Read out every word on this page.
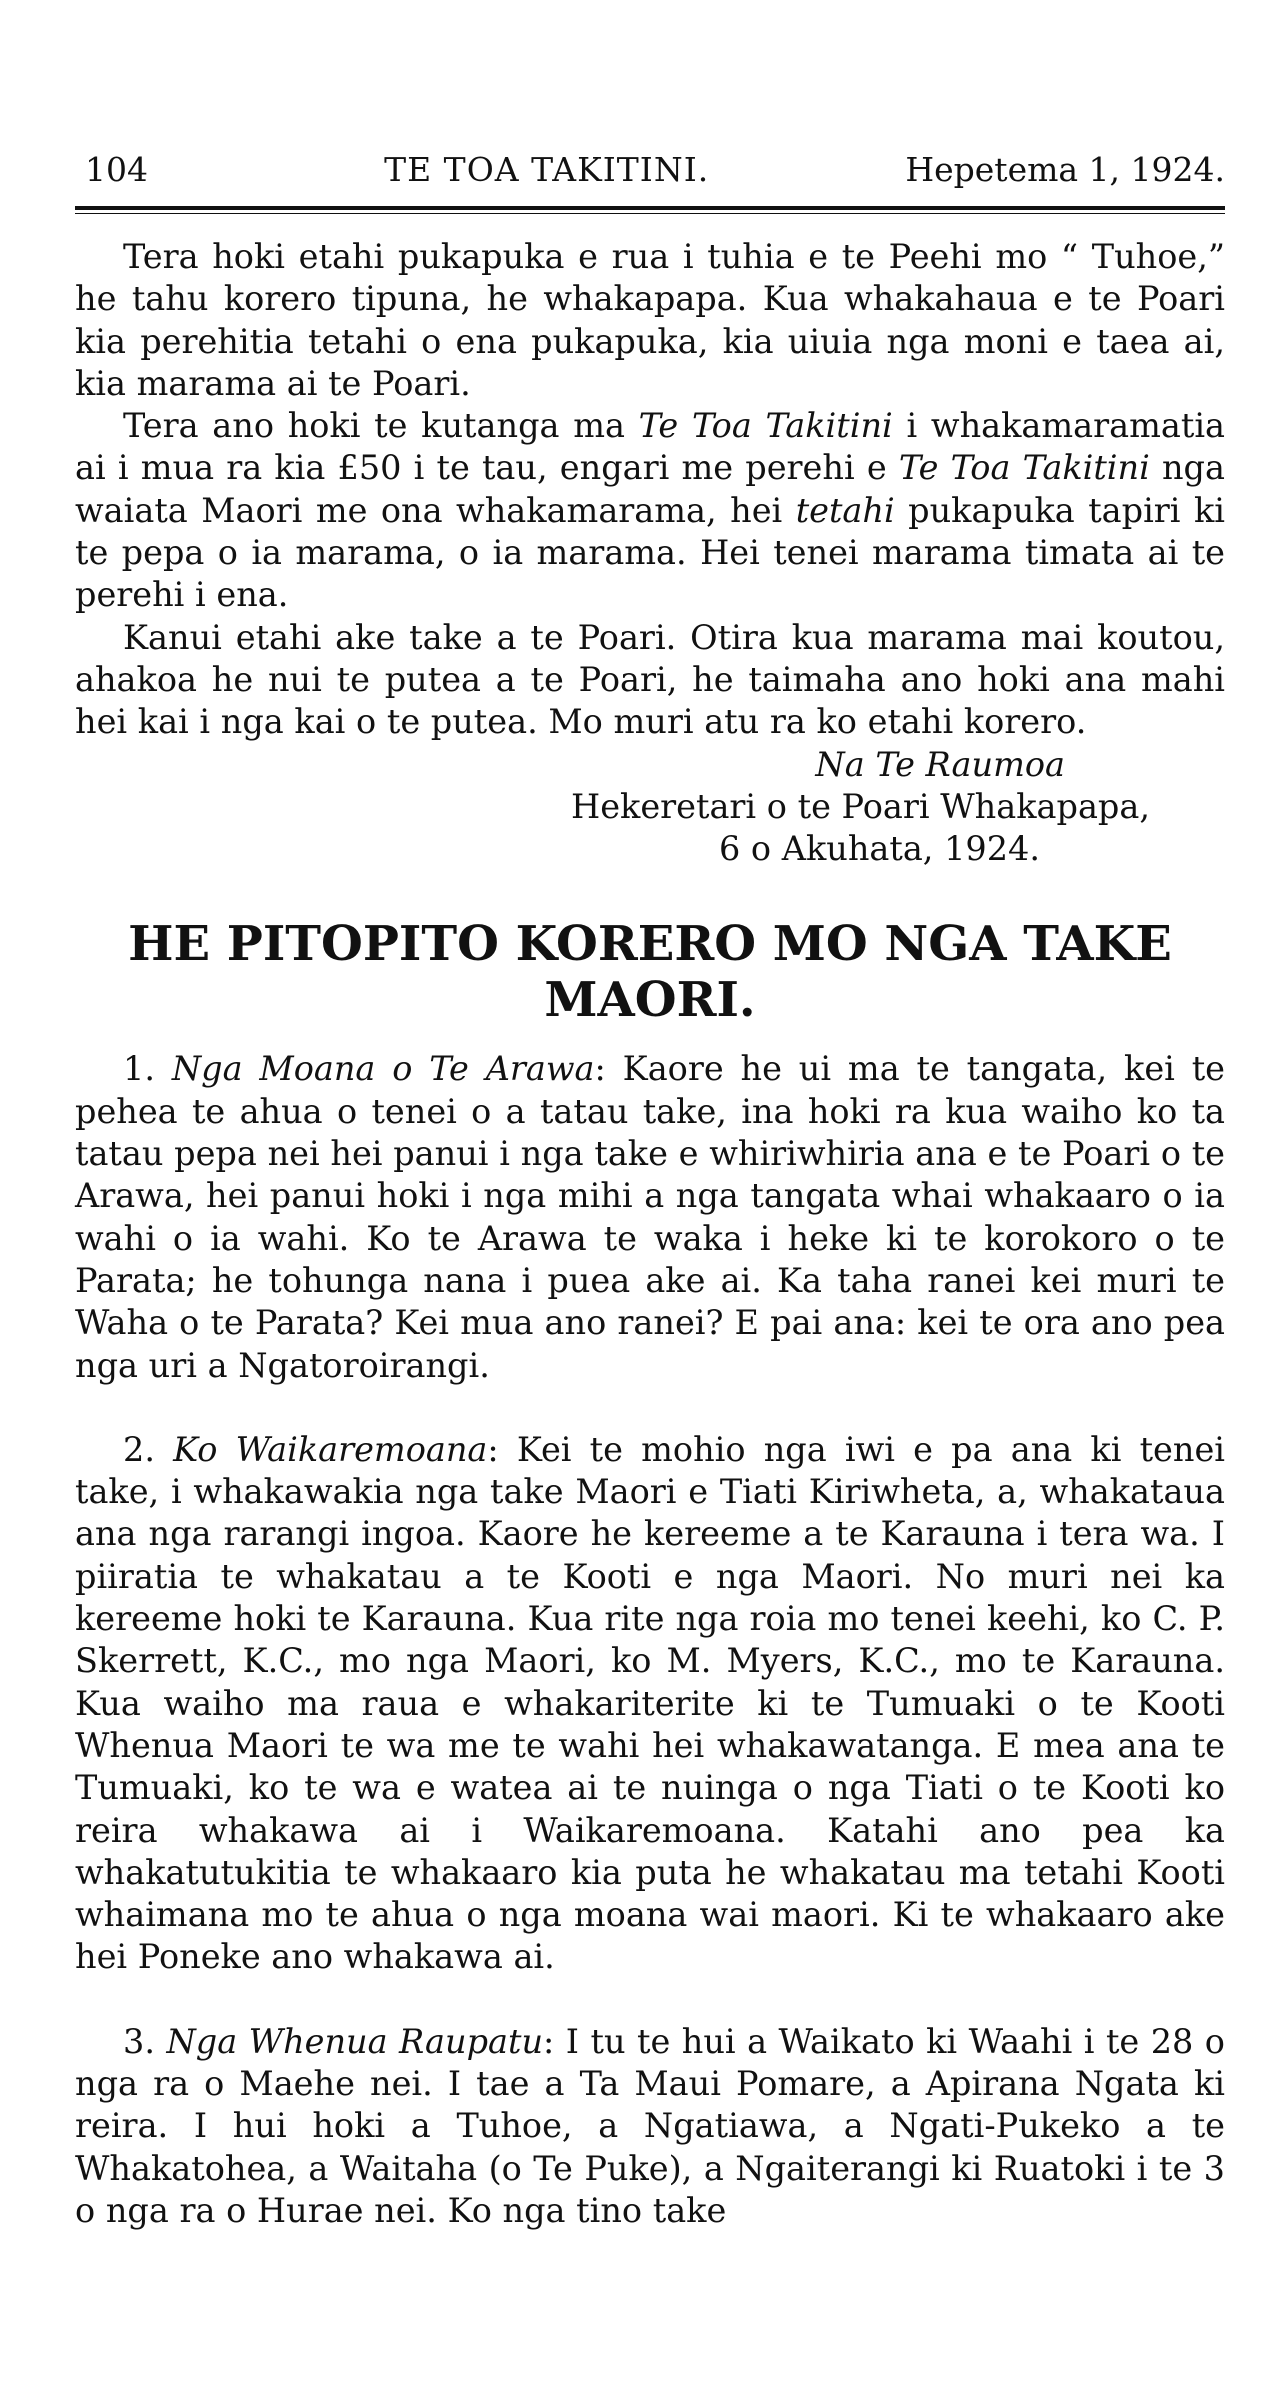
104	TE TOA TAKITINI.	Hepetema 1, 1924.

Tera hoki etahi pukapuka e rua i tuhia e te Peehi mo “ Tuhoe,” he tahu korero tipuna, he whakapapa. Kua whakahaua e te Poari kia perehitia tetahi o ena pukapuka, kia uiuia nga moni e taea ai, kia marama ai te Poari.

Tera ano hoki te kutanga ma Te Toa Takitini i whakamaramatia ai i mua ra kia £50 i te tau, engari me perehi e Te Toa Takitini nga waiata Maori me ona whakamarama, hei tetahi pukapuka tapiri ki te pepa o ia marama, o ia marama. Hei tenei marama timata ai te perehi i ena.

Kanui etahi ake take a te Poari. Otira kua marama mai koutou, ahakoa he nui te putea a te Poari, he taimaha ano hoki ana mahi hei kai i nga kai o te putea. Mo muri atu ra ko etahi korero.

Na Te Raumoa
Hekeretari o te Poari Whakapapa,
6 o Akuhata, 1924.
HE PITOPITO KORERO MO NGA TAKE MAORI.

1. Nga Moana o Te Arawa: Kaore he ui ma te tangata, kei te pehea te ahua o tenei o a tatau take, ina hoki ra kua waiho ko ta tatau pepa nei hei panui i nga take e whiriwhiria ana e te Poari o te Arawa, hei panui hoki i nga mihi a nga tangata whai whakaaro o ia wahi o ia wahi. Ko te Arawa te waka i heke ki te korokoro o te Parata; he tohunga nana i puea ake ai. Ka taha ranei kei muri te Waha o te Parata? Kei mua ano ranei? E pai ana: kei te ora ano pea nga uri a Ngatoroirangi.

2. Ko Waikaremoana: Kei te mohio nga iwi e pa ana ki tenei take, i whakawakia nga take Maori e Tiati Kiriwheta, a, whakataua ana nga rarangi ingoa. Kaore he kereeme a te Karauna i tera wa. I piiratia te whakatau a te Kooti e nga Maori. No muri nei ka kereeme hoki te Karauna. Kua rite nga roia mo tenei keehi, ko C. P. Skerrett, K.C., mo nga Maori, ko M. Myers, K.C., mo te Karauna. Kua waiho ma raua e whakariterite ki te Tumuaki o te Kooti Whenua Maori te wa me te wahi hei whakawatanga. E mea ana te Tumuaki, ko te wa e watea ai te nuinga o nga Tiati o te Kooti ko reira whakawa ai i Waikaremoana. Katahi ano pea ka whakatutukitia te whakaaro kia puta he whakatau ma tetahi Kooti whaimana mo te ahua o nga moana wai maori. Ki te whakaaro ake hei Poneke ano whakawa ai.

3. Nga Whenua Raupatu: I tu te hui a Waikato ki Waahi i te 28 o nga ra o Maehe nei. I tae a Ta Maui Pomare, a Apirana Ngata ki reira. I hui hoki a Tuhoe, a Ngatiawa, a Ngati-Pukeko a te Whakatohea, a Waitaha (o Te Puke), a Ngaiterangi ki Ruatoki i te 3 o nga ra o Hurae nei. Ko nga tino take
